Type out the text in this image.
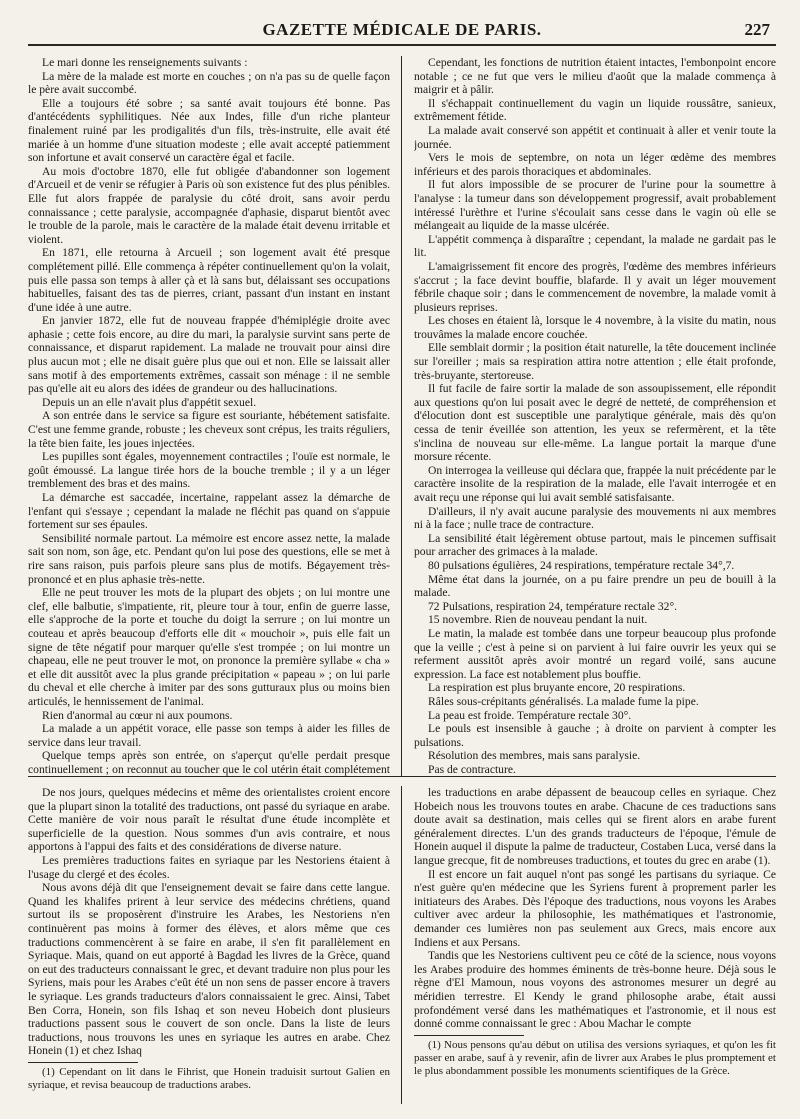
GAZETTE MÉDICALE DE PARIS.	227

Le mari donne les renseignements suivants :

La mère de la malade est morte en couches ; on n'a pas su de quelle façon le père avait succombé.

Elle a toujours été sobre ; sa santé avait toujours été bonne. Pas d'antécédents syphilitiques. Née aux Indes, fille d'un riche planteur finalement ruiné par les prodigalités d'un fils, très-instruite, elle avait été mariée à un homme d'une situation modeste ; elle avait accepté patiemment son infortune et avait conservé un caractère égal et facile.

Au mois d'octobre 1870, elle fut obligée d'abandonner son logement d'Arcueil et de venir se réfugier à Paris où son existence fut des plus pénibles. Elle fut alors frappée de paralysie du côté droit, sans avoir perdu connaissance ; cette paralysie, accompagnée d'aphasie, disparut bientôt avec le trouble de la parole, mais le caractère de la malade était devenu irritable et violent.

En 1871, elle retourna à Arcueil ; son logement avait été presque complétement pillé. Elle commença à répéter continuellement qu'on la volait, puis elle passa son temps à aller çà et là sans but, délaissant ses occupations habituelles, faisant des tas de pierres, criant, passant d'un instant en instant d'une idée à une autre.

En janvier 1872, elle fut de nouveau frappée d'hémiplégie droite avec aphasie ; cette fois encore, au dire du mari, la paralysie survint sans perte de connaissance, et disparut rapidement. La malade ne trouvait pour ainsi dire plus aucun mot ; elle ne disait guère plus que oui et non. Elle se laissait aller sans motif à des emportements extrêmes, cassait son ménage : il ne semble pas qu'elle ait eu alors des idées de grandeur ou des hallucinations.

Depuis un an elle n'avait plus d'appétit sexuel.

A son entrée dans le service sa figure est souriante, hébétement satisfaite. C'est une femme grande, robuste ; les cheveux sont crépus, les traits réguliers, la tête bien faite, les joues injectées.

Les pupilles sont égales, moyennement contractiles ; l'ouïe est normale, le goût émoussé. La langue tirée hors de la bouche tremble ; il y a un léger tremblement des bras et des mains.

La démarche est saccadée, incertaine, rappelant assez la démarche de l'enfant qui s'essaye ; cependant la malade ne fléchit pas quand on s'appuie fortement sur ses épaules.

Sensibilité normale partout. La mémoire est encore assez nette, la malade sait son nom, son âge, etc. Pendant qu'on lui pose des questions, elle se met à rire sans raison, puis parfois pleure sans plus de motifs. Bégayement très-prononcé et en plus aphasie très-nette.

Elle ne peut trouver les mots de la plupart des objets ; on lui montre une clef, elle balbutie, s'impatiente, rit, pleure tour à tour, enfin de guerre lasse, elle s'approche de la porte et touche du doigt la serrure ; on lui montre un couteau et après beaucoup d'efforts elle dit « mouchoir », puis elle fait un signe de tête négatif pour marquer qu'elle s'est trompée ; on lui montre un chapeau, elle ne peut trouver le mot, on prononce la première syllabe « cha » et elle dit aussitôt avec la plus grande précipitation « papeau » ; on lui parle du cheval et elle cherche à imiter par des sons gutturaux plus ou moins bien articulés, le hennissement de l'animal.

Rien d'anormal au cœur ni aux poumons.

La malade a un appétit vorace, elle passe son temps à aider les filles de service dans leur travail.

Quelque temps après son entrée, on s'aperçut qu'elle perdait presque continuellement ; on reconnut au toucher que le col utérin était complétement

Cependant, les fonctions de nutrition étaient intactes, l'embonpoint encore notable ; ce ne fut que vers le milieu d'août que la malade commença à maigrir et à pâlir.

Il s'échappait continuellement du vagin un liquide roussâtre, sanieux, extrêmement fétide.

La malade avait conservé son appétit et continuait à aller et venir toute la journée.

Vers le mois de septembre, on nota un léger œdème des membres inférieurs et des parois thoraciques et abdominales.

Il fut alors impossible de se procurer de l'urine pour la soumettre à l'analyse : la tumeur dans son développement progressif, avait probablement intéressé l'urèthre et l'urine s'écoulait sans cesse dans le vagin où elle se mélangeait au liquide de la masse ulcérée.

L'appétit commença à disparaître ; cependant, la malade ne gardait pas le lit.

L'amaigrissement fit encore des progrès, l'œdème des membres inférieurs s'accrut ; la face devint bouffie, blafarde. Il y avait un léger mouvement fébrile chaque soir ; dans le commencement de novembre, la malade vomit à plusieurs reprises.

Les choses en étaient là, lorsque le 4 novembre, à la visite du matin, nous trouvâmes la malade encore couchée.

Elle semblait dormir ; la position était naturelle, la tête doucement inclinée sur l'oreiller ; mais sa respiration attira notre attention ; elle était profonde, très-bruyante, stertoreuse.

Il fut facile de faire sortir la malade de son assoupissement, elle répondit aux questions qu'on lui posait avec le degré de netteté, de compréhension et d'élocution dont est susceptible une paralytique générale, mais dès qu'on cessa de tenir éveillée son attention, les yeux se refermèrent, et la tête s'inclina de nouveau sur elle-même. La langue portait la marque d'une morsure récente.

On interrogea la veilleuse qui déclara que, frappée la nuit précédente par le caractère insolite de la respiration de la malade, elle l'avait interrogée et en avait reçu une réponse qui lui avait semblé satisfaisante.

D'ailleurs, il n'y avait aucune paralysie des mouvements ni aux membres ni à la face ; nulle trace de contracture.

La sensibilité était légèrement obtuse partout, mais le pincemen suffisait pour arracher des grimaces à la malade.

80 pulsations égulières, 24 respirations, température rectale 34°,7.

Même état dans la journée, on a pu faire prendre un peu de bouill à la malade.

72 Pulsations, respiration 24, température rectale 32°.

15 novembre. Rien de nouveau pendant la nuit.

Le matin, la malade est tombée dans une torpeur beaucoup plus profonde que la veille ; c'est à peine si on parvient à lui faire ouvrir les yeux qui se referment aussitôt après avoir montré un regard voilé, sans aucune expression. La face est notablement plus bouffie.

La respiration est plus bruyante encore, 20 respirations.

Râles sous-crépitants généralisés. La malade fume la pipe.

La peau est froide. Température rectale 30°.

Le pouls est insensible à gauche ; à droite on parvient à compter les pulsations.

Résolution des membres, mais sans paralysie.

Pas de contracture.

De nos jours, quelques médecins et même des orientalistes croient encore que la plupart sinon la totalité des traductions, ont passé du syriaque en arabe. Cette manière de voir nous paraît le résultat d'une étude incomplète et superficielle de la question. Nous sommes d'un avis contraire, et nous apportons à l'appui des faits et des considérations de diverse nature.

Les premières traductions faites en syriaque par les Nestoriens étaient à l'usage du clergé et des écoles.

Nous avons déjà dit que l'enseignement devait se faire dans cette langue. Quand les khalifes prirent à leur service des médecins chrétiens, quand surtout ils se proposèrent d'instruire les Arabes, les Nestoriens n'en continuèrent pas moins à former des élèves, et alors même que ces traductions commencèrent à se faire en arabe, il s'en fit parallèlement en Syriaque. Mais, quand on eut apporté à Bagdad les livres de la Grèce, quand on eut des traducteurs connaissant le grec, et devant traduire non plus pour les Syriens, mais pour les Arabes c'eût été un non sens de passer encore à travers le syriaque. Les grands traducteurs d'alors connaissaient le grec. Ainsi, Tabet Ben Corra, Honein, son fils Ishaq et son neveu Hobeich dont plusieurs traductions passent sous le couvert de son oncle. Dans la liste de leurs traductions, nous trouvons les unes en syriaque les autres en arabe. Chez Honein (1) et chez Ishaq

(1) Cependant on lit dans le Fihrist, que Honein traduisit surtout Galien en syriaque, et revisa beaucoup de traductions arabes.

les traductions en arabe dépassent de beaucoup celles en syriaque. Chez Hobeich nous les trouvons toutes en arabe. Chacune de ces traductions sans doute avait sa destination, mais celles qui se firent alors en arabe furent généralement directes. L'un des grands traducteurs de l'époque, l'émule de Honein auquel il dispute la palme de traducteur, Costaben Luca, versé dans la langue grecque, fit de nombreuses traductions, et toutes du grec en arabe (1).

Il est encore un fait auquel n'ont pas songé les partisans du syriaque. Ce n'est guère qu'en médecine que les Syriens furent à proprement parler les initiateurs des Arabes. Dès l'époque des traductions, nous voyons les Arabes cultiver avec ardeur la philosophie, les mathématiques et l'astronomie, demander ces lumières non pas seulement aux Grecs, mais encore aux Indiens et aux Persans.

Tandis que les Nestoriens cultivent peu ce côté de la science, nous voyons les Arabes produire des hommes éminents de très-bonne heure. Déjà sous le règne d'El Mamoun, nous voyons des astronomes mesurer un degré au méridien terrestre. El Kendy le grand philosophe arabe, était aussi profondément versé dans les mathématiques et l'astronomie, et il nous est donné comme connaissant le grec : Abou Machar le compte

(1) Nous pensons qu'au début on utilisa des versions syriaques, et qu'on les fit passer en arabe, sauf à y revenir, afin de livrer aux Arabes le plus promptement et le plus abondamment possible les monuments scientifiques de la Grèce.
